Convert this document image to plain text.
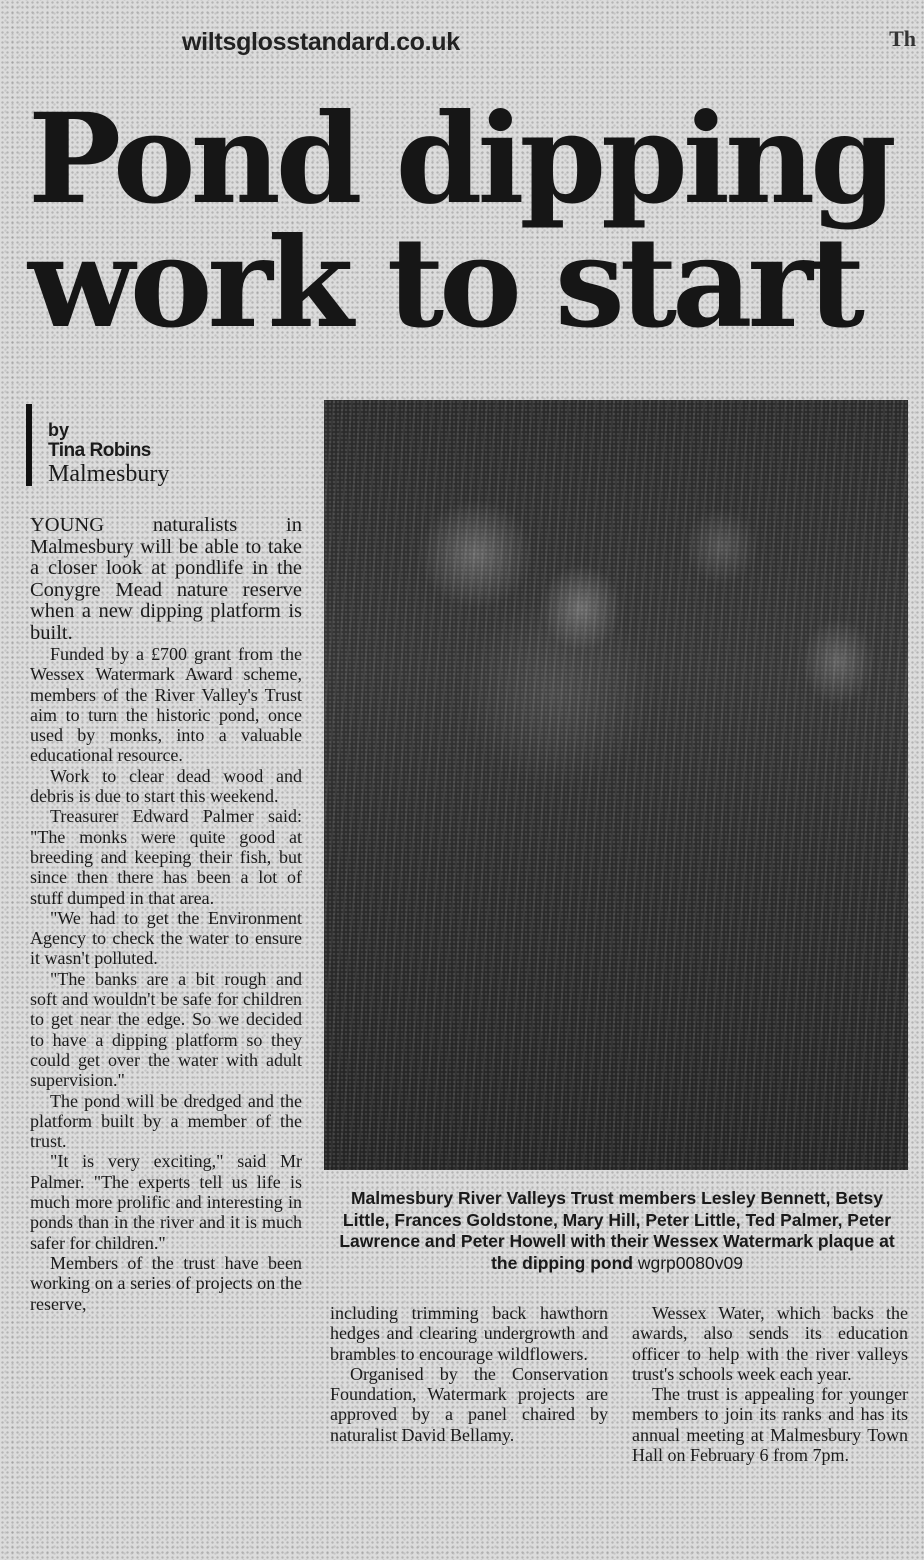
wiltsglosstandard.co.uk	Th
Pond dipping
work to start
by
Tina Robins
Malmesbury

YOUNG naturalists in Malmesbury will be able to take a closer look at pondlife in the Conygre Mead nature reserve when a new dipping platform is built.

Funded by a £700 grant from the Wessex Watermark Award scheme, members of the River Valley's Trust aim to turn the historic pond, once used by monks, into a valuable educational resource.

Work to clear dead wood and debris is due to start this weekend.

Treasurer Edward Palmer said: "The monks were quite good at breeding and keeping their fish, but since then there has been a lot of stuff dumped in that area.

"We had to get the Environment Agency to check the water to ensure it wasn't polluted.

"The banks are a bit rough and soft and wouldn't be safe for children to get near the edge. So we decided to have a dipping platform so they could get over the water with adult supervision."

The pond will be dredged and the platform built by a member of the trust.

"It is very exciting," said Mr Palmer. "The experts tell us life is much more prolific and interesting in ponds than in the river and it is much safer for children."

Members of the trust have been working on a series of projects on the reserve,

Malmesbury River Valleys Trust members Lesley Bennett, Betsy Little, Frances Goldstone, Mary Hill, Peter Little, Ted Palmer, Peter Lawrence and Peter Howell with their Wessex Watermark plaque at the dipping pond wgrp0080v09

including trimming back hawthorn hedges and clearing undergrowth and brambles to encourage wildflowers.

Organised by the Conservation Foundation, Watermark projects are approved by a panel chaired by naturalist David Bellamy.

Wessex Water, which backs the awards, also sends its education officer to help with the river valleys trust's schools week each year.

The trust is appealing for younger members to join its ranks and has its annual meeting at Malmesbury Town Hall on February 6 from 7pm.
